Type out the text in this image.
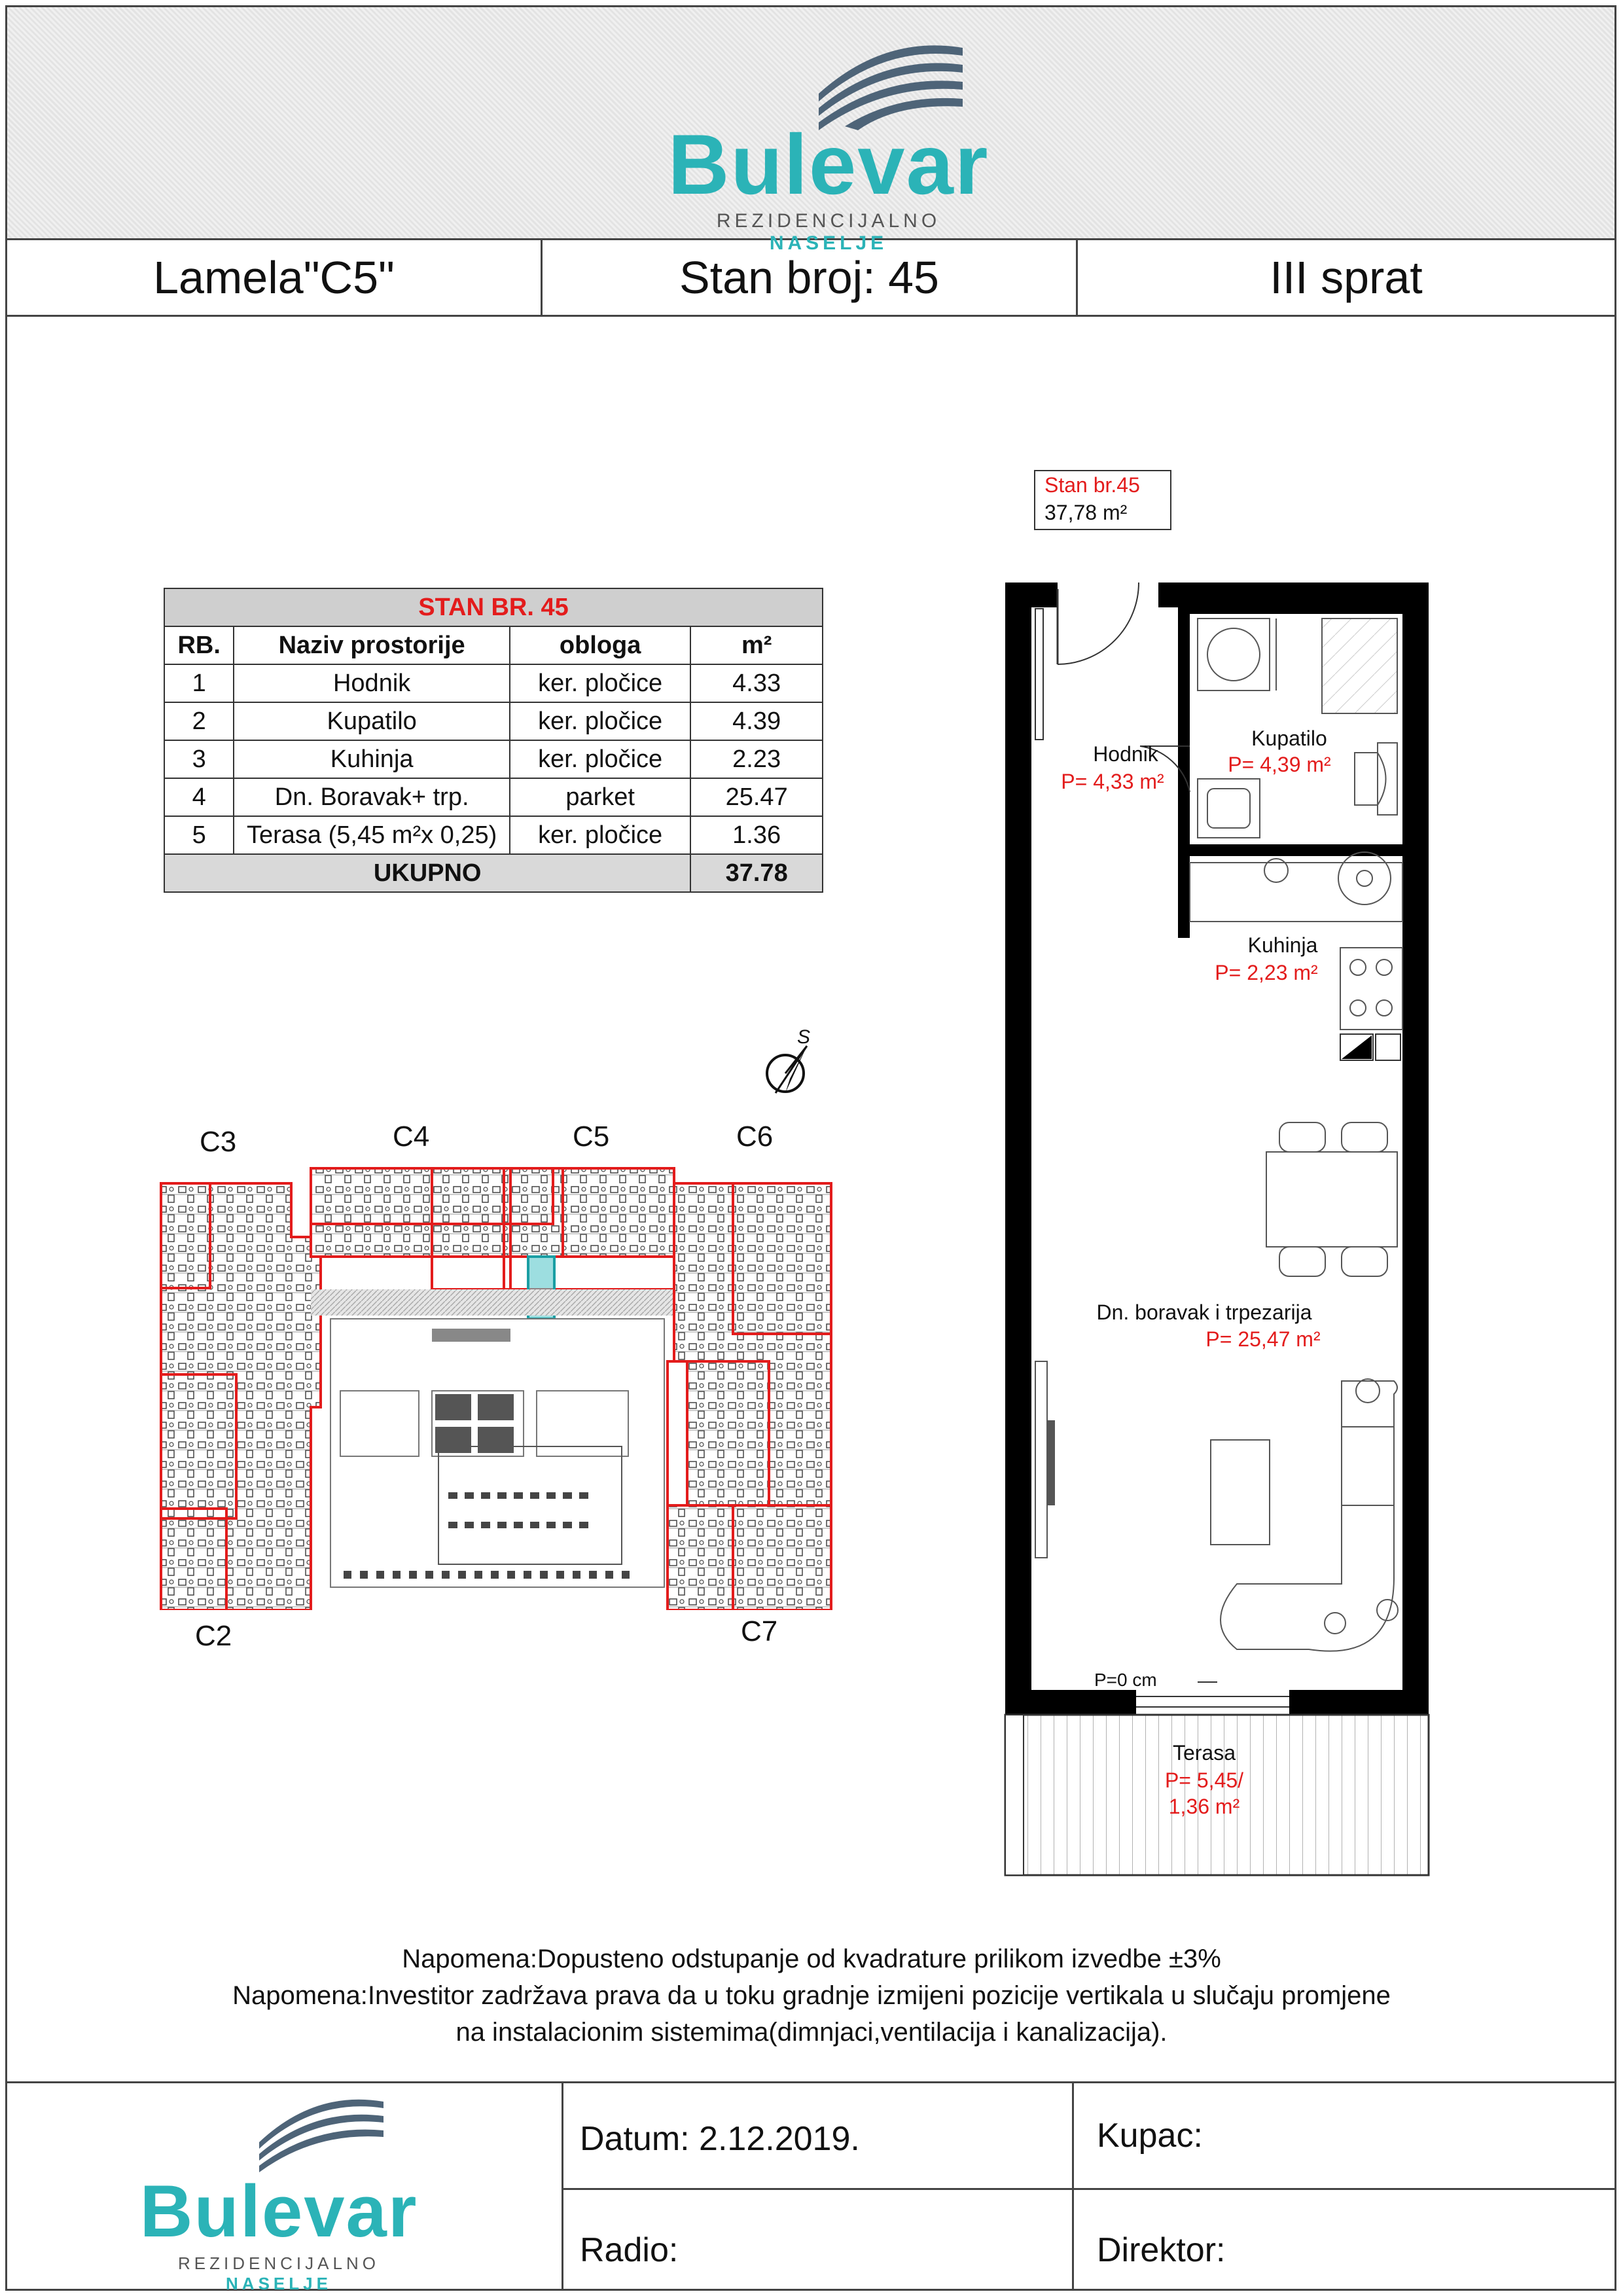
Bulevar
REZIDENCIJALNO NASELJE
Lamela"C5"	Stan broj: 45	III sprat
STAN BR. 45			
RB.	Naziv prostorije	obloga	m²
1	Hodnik	ker. pločice	4.33
2	Kupatilo	ker. pločice	4.39
3	Kuhinja	ker. pločice	2.23
4	Dn. Boravak+ trp.	parket	25.47
5	Terasa (5,45 m²x 0,25)	ker. pločice	1.36
UKUPNO			37.78
S
C3	C4	C5	C6
C2	C7
Stan br.45
37,78 m²
Hodnik
P= 4,33 m²
Kupatilo
P= 4,39 m²
Kuhinja
P= 2,23 m²
Dn. boravak i trpezarija
P= 25,47 m²
P=0 cm
Terasa
P= 5,45/
1,36 m²
Napomena:Dopusteno odstupanje od kvadrature prilikom izvedbe ±3%
Napomena:Investitor zadržava prava da u toku gradnje izmijeni pozicije vertikala u slučaju promjene
na instalacionim sistemima(dimnjaci,ventilacija i kanalizacija).
Bulevar
REZIDENCIJALNO NASELJE
Datum: 2.12.2019.	Kupac:
Radio:	Direktor:
